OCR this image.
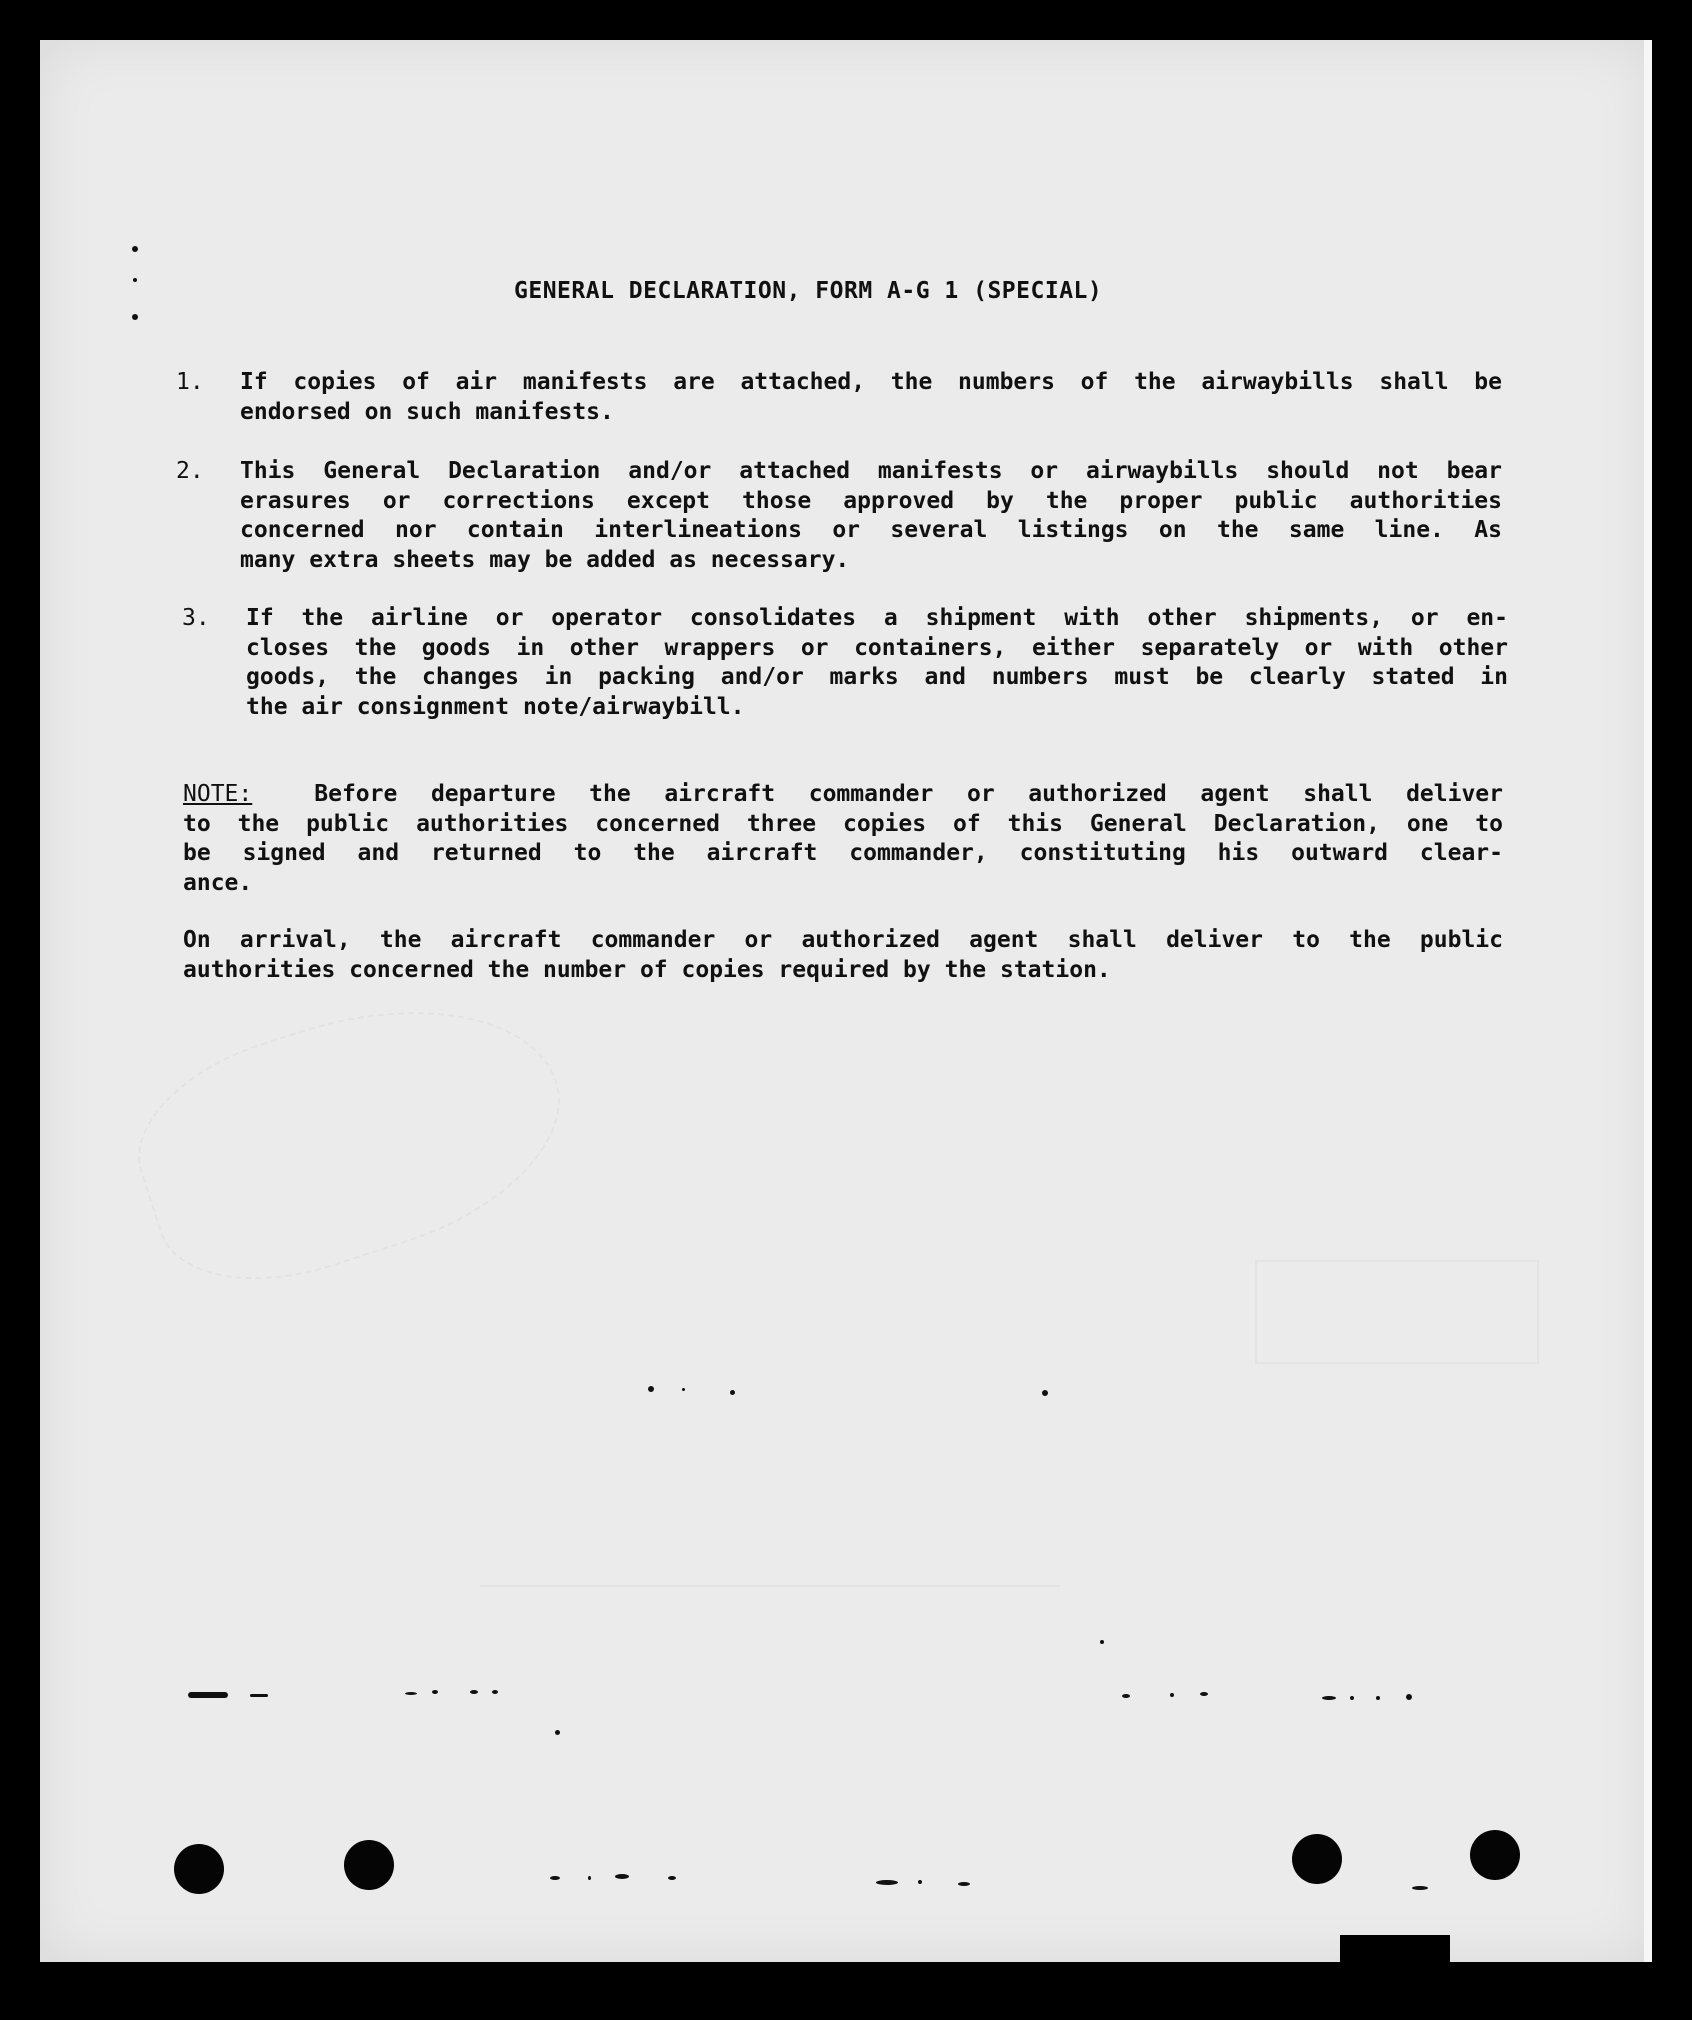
GENERAL DECLARATION, FORM A-G 1 (SPECIAL)
1. If copies of air manifests are attached, the numbers of the airwaybills shall be
endorsed on such manifests.
2. This General Declaration and/or attached manifests or airwaybills should not bear
erasures or corrections except those approved by the proper public authorities
concerned nor contain interlineations or several listings on the same line. As
many extra sheets may be added as necessary.
3. If the airline or operator consolidates a shipment with other shipments, or en-
closes the goods in other wrappers or containers, either separately or with other
goods, the changes in packing and/or marks and numbers must be clearly stated in
the air consignment note/airwaybill.
NOTE:	Before departure the aircraft commander or authorized agent shall deliver
to the public authorities concerned three copies of this General Declaration, one to
be signed and returned to the aircraft commander, constituting his outward clear-
ance.
On arrival, the aircraft commander or authorized agent shall deliver to the public
authorities concerned the number of copies required by the station.
